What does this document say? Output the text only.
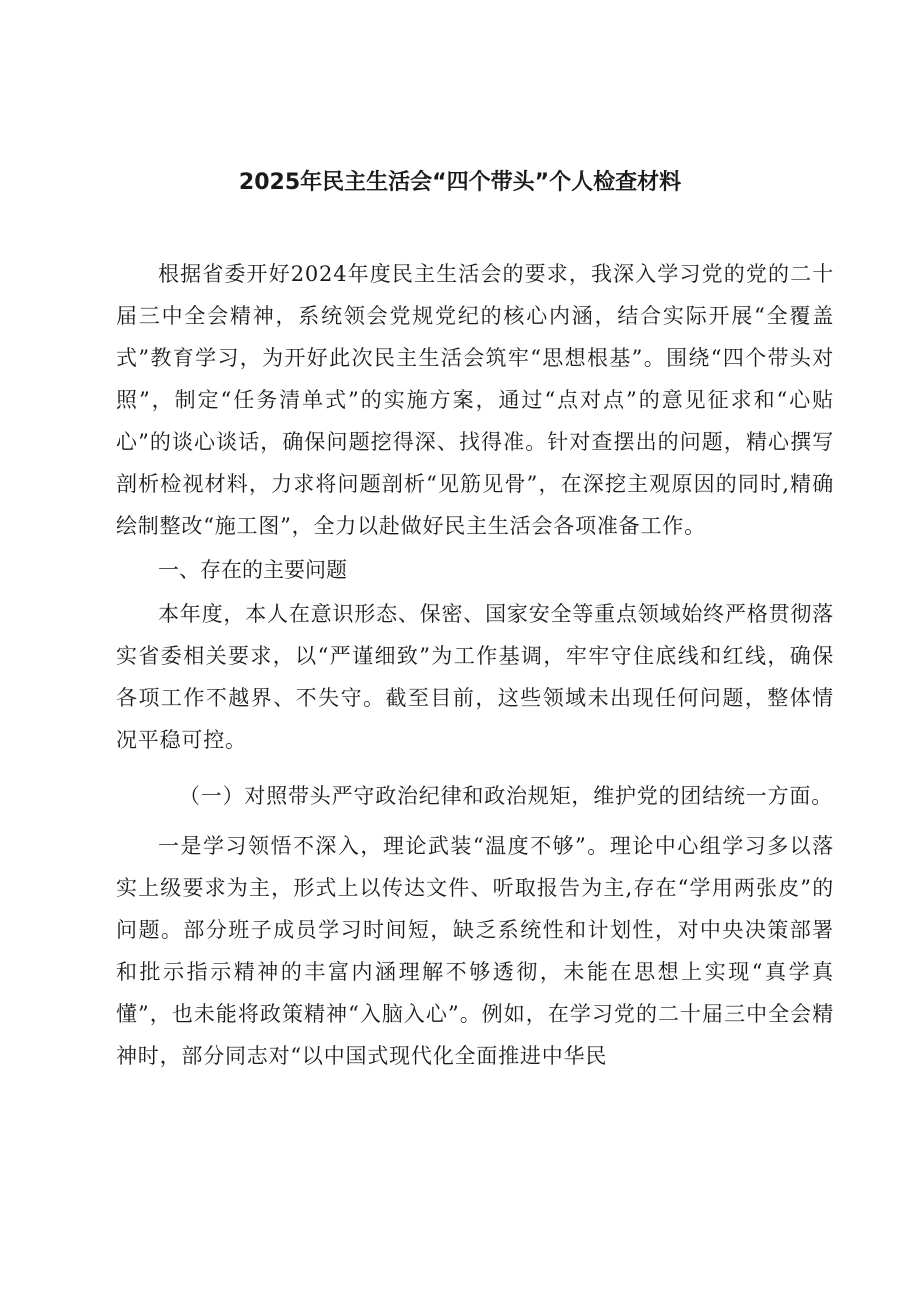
2025年民主生活会“四个带头”个人检查材料

根据省委开好2024年度民主生活会的要求，我深入学习党的党的二十届三中全会精神，系统领会党规党纪的核心内涵，结合实际开展“全覆盖式”教育学习，为开好此次民主生活会筑牢“思想根基”。围绕“四个带头对照”，制定“任务清单式”的实施方案，通过“点对点”的意见征求和“心贴心”的谈心谈话，确保问题挖得深、找得准。针对查摆出的问题，精心撰写剖析检视材料，力求将问题剖析“见筋见骨”，在深挖主观原因的同时,精确绘制整改“施工图”，全力以赴做好民主生活会各项准备工作。

一、存在的主要问题

本年度，本人在意识形态、保密、国家安全等重点领域始终严格贯彻落实省委相关要求，以“严谨细致”为工作基调，牢牢守住底线和红线，确保各项工作不越界、不失守。截至目前，这些领域未出现任何问题，整体情况平稳可控。

（一）对照带头严守政治纪律和政治规矩，维护党的团结统一方面。

一是学习领悟不深入，理论武装“温度不够”。理论中心组学习多以落实上级要求为主，形式上以传达文件、听取报告为主,存在“学用两张皮”的问题。部分班子成员学习时间短，缺乏系统性和计划性，对中央决策部署和批示指示精神的丰富内涵理解不够透彻，未能在思想上实现“真学真懂”，也未能将政策精神“入脑入心”。例如，在学习党的二十届三中全会精神时，部分同志对“以中国式现代化全面推进中华民
